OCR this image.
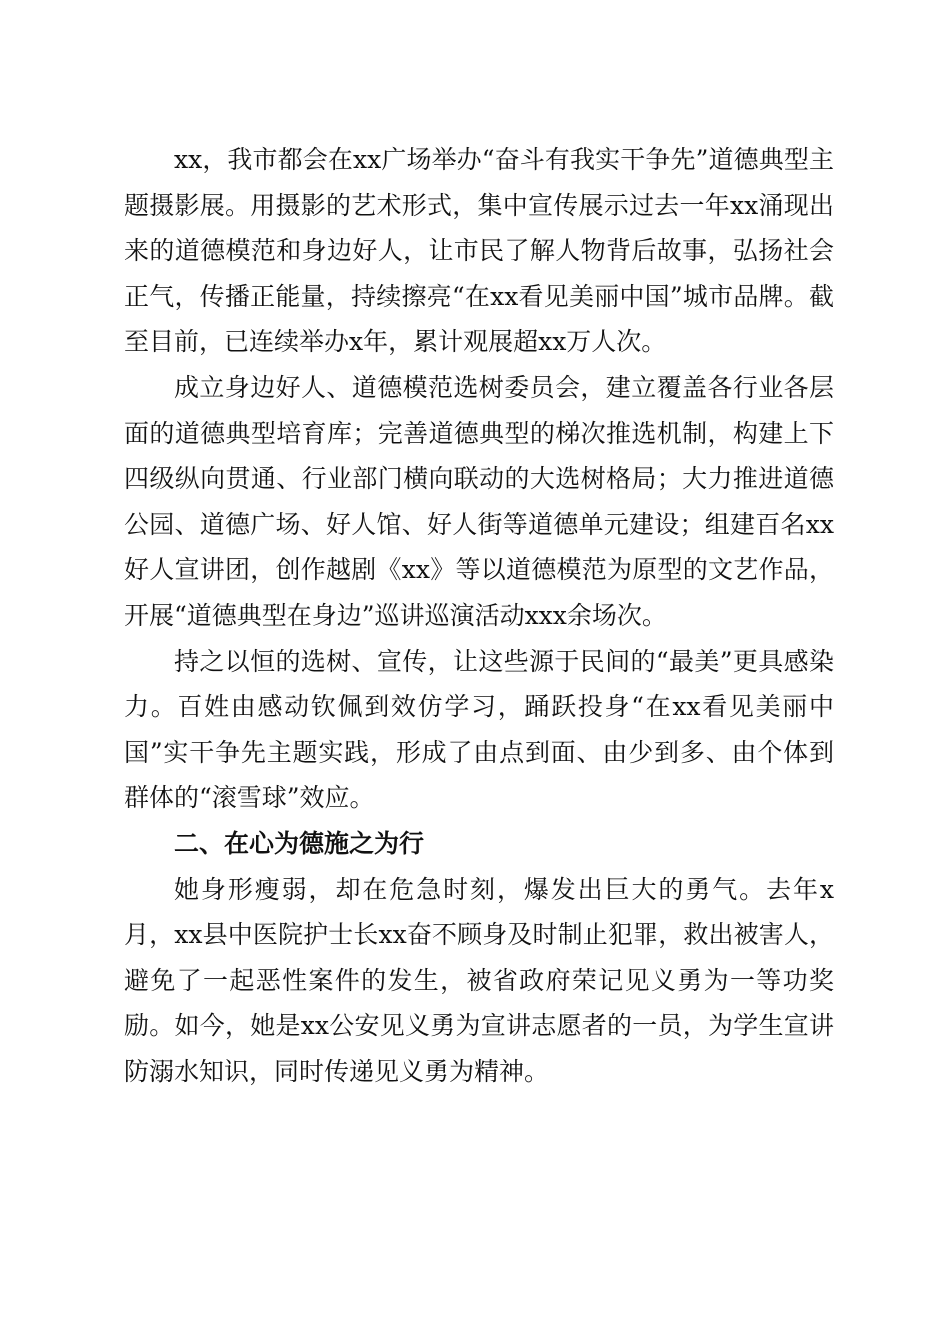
xx，我市都会在xx广场举办“奋斗有我实干争先”道德典型主题摄影展。用摄影的艺术形式，集中宣传展示过去一年xx涌现出来的道德模范和身边好人，让市民了解人物背后故事，弘扬社会正气，传播正能量，持续擦亮“在xx看见美丽中国”城市品牌。截至目前，已连续举办x年，累计观展超xx万人次。

成立身边好人、道德模范选树委员会，建立覆盖各行业各层面的道德典型培育库；完善道德典型的梯次推选机制，构建上下四级纵向贯通、行业部门横向联动的大选树格局；大力推进道德公园、道德广场、好人馆、好人街等道德单元建设；组建百名xx好人宣讲团，创作越剧《xx》等以道德模范为原型的文艺作品，开展“道德典型在身边”巡讲巡演活动xxx余场次。

持之以恒的选树、宣传，让这些源于民间的“最美”更具感染力。百姓由感动钦佩到效仿学习，踊跃投身“在xx看见美丽中国”实干争先主题实践，形成了由点到面、由少到多、由个体到群体的“滚雪球”效应。

二、在心为德施之为行

她身形瘦弱，却在危急时刻，爆发出巨大的勇气。去年x月，xx县中医院护士长xx奋不顾身及时制止犯罪，救出被害人，避免了一起恶性案件的发生，被省政府荣记见义勇为一等功奖励。如今，她是xx公安见义勇为宣讲志愿者的一员，为学生宣讲防溺水知识，同时传递见义勇为精神。
